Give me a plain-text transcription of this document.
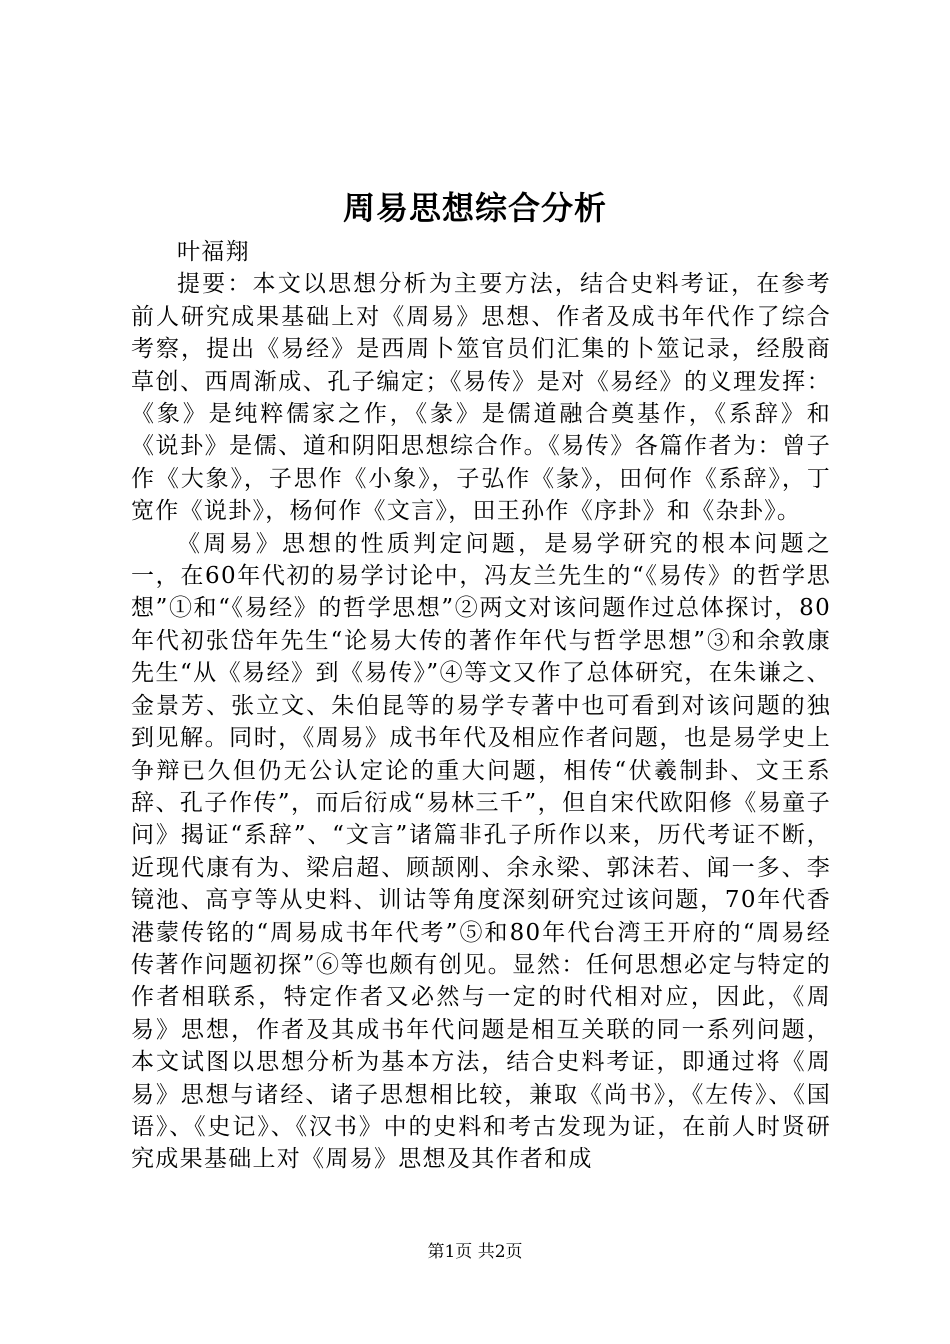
周易思想综合分析

叶福翔

提要：本文以思想分析为主要方法，结合史料考证，在参考前人研究成果基础上对《周易》思想、作者及成书年代作了综合考察，提出《易经》是西周卜筮官员们汇集的卜筮记录，经殷商草创、西周渐成、孔子编定；《易传》是对《易经》的义理发挥：《象》是纯粹儒家之作，《彖》是儒道融合奠基作，《系辞》和《说卦》是儒、道和阴阳思想综合作。《易传》各篇作者为：曾子作《大象》，子思作《小象》，子弘作《彖》，田何作《系辞》，丁宽作《说卦》，杨何作《文言》，田王孙作《序卦》和《杂卦》。

《周易》思想的性质判定问题，是易学研究的根本问题之一，在60年代初的易学讨论中，冯友兰先生的“《易传》的哲学思想”①和“《易经》的哲学思想”②两文对该问题作过总体探讨，80年代初张岱年先生“论易大传的著作年代与哲学思想”③和余敦康先生“从《易经》到《易传》”④等文又作了总体研究，在朱谦之、金景芳、张立文、朱伯昆等的易学专著中也可看到对该问题的独到见解。同时，《周易》成书年代及相应作者问题，也是易学史上争辩已久但仍无公认定论的重大问题，相传“伏羲制卦、文王系辞、孔子作传”，而后衍成“易林三千”，但自宋代欧阳修《易童子问》揭证“系辞”、“文言”诸篇非孔子所作以来，历代考证不断，近现代康有为、梁启超、顾颉刚、余永梁、郭沫若、闻一多、李镜池、高亨等从史料、训诂等角度深刻研究过该问题，70年代香港蒙传铭的“周易成书年代考”⑤和80年代台湾王开府的“周易经传著作问题初探”⑥等也颇有创见。显然：任何思想必定与特定的作者相联系，特定作者又必然与一定的时代相对应，因此，《周易》思想，作者及其成书年代问题是相互关联的同一系列问题，本文试图以思想分析为基本方法，结合史料考证，即通过将《周易》思想与诸经、诸子思想相比较，兼取《尚书》，《左传》、《国语》、《史记》、《汉书》中的史料和考古发现为证，在前人时贤研究成果基础上对《周易》思想及其作者和成

第1页 共2页
